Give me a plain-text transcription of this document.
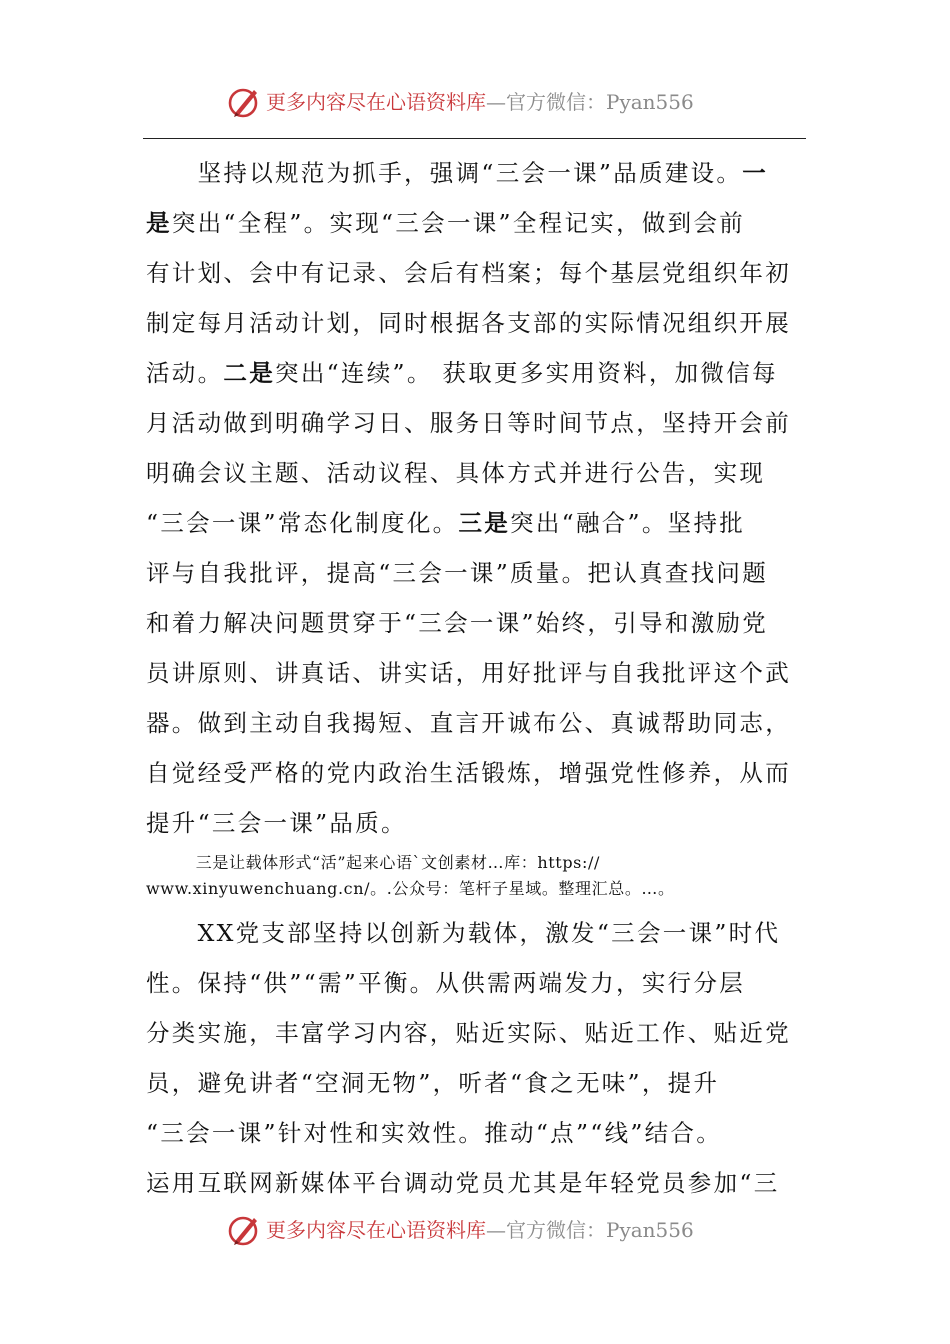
更多内容尽在心语资料库—官方微信：Pyan556
　　坚持以规范为抓手，强调“三会一课”品质建设。一
是突出“全程”。实现“三会一课”全程记实，做到会前
有计划、会中有记录、会后有档案；每个基层党组织年初
制定每月活动计划，同时根据各支部的实际情况组织开展
活动。二是突出“连续”。 获取更多实用资料，加微信每
月活动做到明确学习日、服务日等时间节点，坚持开会前
明确会议主题、活动议程、具体方式并进行公告，实现
“三会一课”常态化制度化。三是突出“融合”。坚持批
评与自我批评，提高“三会一课”质量。把认真查找问题
和着力解决问题贯穿于“三会一课”始终，引导和激励党
员讲原则、讲真话、讲实话，用好批评与自我批评这个武
器。做到主动自我揭短、直言开诚布公、真诚帮助同志，
自觉经受严格的党内政治生活锻炼，增强党性修养，从而
提升“三会一课”品质。
　　　三是让载体形式“活”起来心语`文创素材…库：https://
www.xinyuwenchuang.cn/。.公众号：笔杆子星域。整理汇总。…。
　　XX党支部坚持以创新为载体，激发“三会一课”时代
性。保持“供”“需”平衡。从供需两端发力，实行分层
分类实施，丰富学习内容，贴近实际、贴近工作、贴近党
员，避免讲者“空洞无物”，听者“食之无味”，提升
“三会一课”针对性和实效性。推动“点”“线”结合。
运用互联网新媒体平台调动党员尤其是年轻党员参加“三
更多内容尽在心语资料库—官方微信：Pyan556
